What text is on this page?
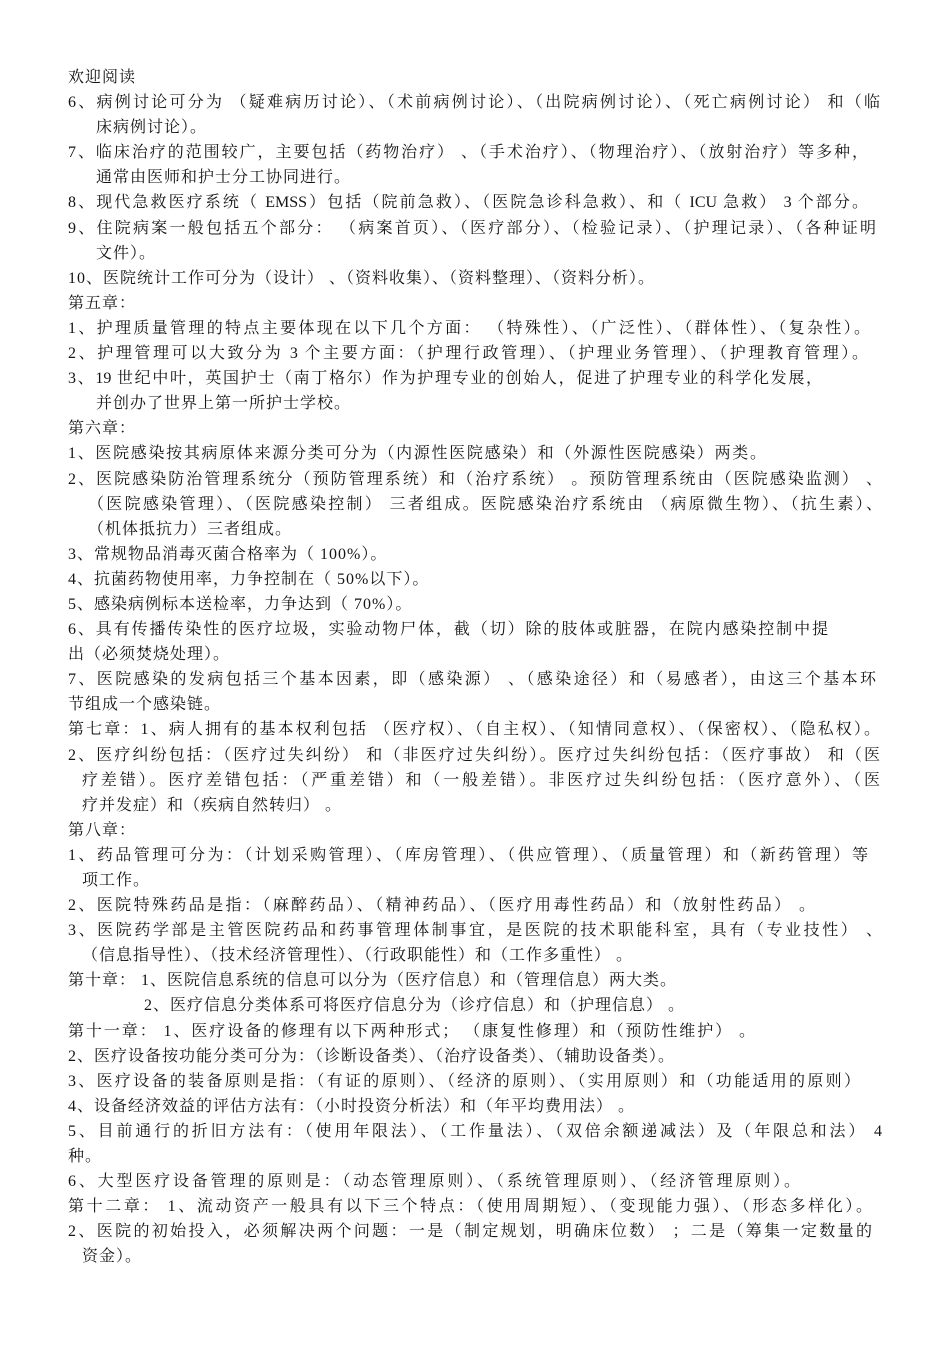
欢迎阅读
6、病例讨论可分为 （疑难病历讨论）、（术前病例讨论）、（出院病例讨论）、（死亡病例讨论） 和（临
床病例讨论）。
7、临床治疗的范围较广，主要包括（药物治疗） 、（手术治疗）、（物理治疗）、（放射治疗）等多种，
通常由医师和护士分工协同进行。
8、现代急救医疗系统（ EMSS）包括（院前急救）、（医院急诊科急救）、和（ ICU 急救） 3 个部分。
9、住院病案一般包括五个部分： （病案首页）、（医疗部分）、（检验记录）、（护理记录）、（各种证明
文件）。
10、医院统计工作可分为（设计） 、（资料收集）、（资料整理）、（资料分析）。
第五章：
1、护理质量管理的特点主要体现在以下几个方面： （特殊性）、（广泛性）、（群体性）、（复杂性）。
2、护理管理可以大致分为 3 个主要方面：（护理行政管理）、（护理业务管理）、（护理教育管理）。
3、19 世纪中叶，英国护士（南丁格尔）作为护理专业的创始人，促进了护理专业的科学化发展，
并创办了世界上第一所护士学校。
第六章：
1、医院感染按其病原体来源分类可分为（内源性医院感染）和（外源性医院感染）两类。
2、医院感染防治管理系统分（预防管理系统）和（治疗系统） 。预防管理系统由（医院感染监测） 、
（医院感染管理）、（医院感染控制） 三者组成。医院感染治疗系统由 （病原微生物）、（抗生素）、
（机体抵抗力）三者组成。
3、常规物品消毒灭菌合格率为（ 100%）。
4、抗菌药物使用率，力争控制在（ 50%以下）。
5、感染病例标本送检率，力争达到（ 70%）。
6、具有传播传染性的医疗垃圾，实验动物尸体，截（切）除的肢体或脏器，在院内感染控制中提
出（必须焚烧处理）。
7、医院感染的发病包括三个基本因素，即（感染源） 、（感染途径）和（易感者），由这三个基本环
节组成一个感染链。
第七章：1、病人拥有的基本权利包括 （医疗权）、（自主权）、（知情同意权）、（保密权）、（隐私权）。
2、医疗纠纷包括：（医疗过失纠纷） 和（非医疗过失纠纷）。医疗过失纠纷包括：（医疗事故） 和（医
疗差错）。医疗差错包括：（严重差错）和（一般差错）。非医疗过失纠纷包括：（医疗意外）、（医
疗并发症）和（疾病自然转归） 。
第八章：
1、药品管理可分为：（计划采购管理）、（库房管理）、（供应管理）、（质量管理）和（新药管理）等
项工作。
2、医院特殊药品是指：（麻醉药品）、（精神药品）、（医疗用毒性药品）和（放射性药品） 。
3、医院药学部是主管医院药品和药事管理体制事宜，是医院的技术职能科室，具有（专业技性） 、
（信息指导性）、（技术经济管理性）、（行政职能性）和（工作多重性） 。
第十章： 1、医院信息系统的信息可以分为（医疗信息）和（管理信息）两大类。
2、医疗信息分类体系可将医疗信息分为（诊疗信息）和（护理信息） 。
第十一章： 1、医疗设备的修理有以下两种形式； （康复性修理）和（预防性维护） 。
2、医疗设备按功能分类可分为：（诊断设备类）、（治疗设备类）、（辅助设备类）。
3、医疗设备的装备原则是指：（有证的原则）、（经济的原则）、（实用原则）和（功能适用的原则）
4、设备经济效益的评估方法有：（小时投资分析法）和（年平均费用法） 。
5、目前通行的折旧方法有：（使用年限法）、（工作量法）、（双倍余额递减法）及（年限总和法） 4
种。
6、大型医疗设备管理的原则是：（动态管理原则）、（系统管理原则）、（经济管理原则）。
第十二章： 1、流动资产一般具有以下三个特点：（使用周期短）、（变现能力强）、（形态多样化）。
2、医院的初始投入，必须解决两个问题：一是（制定规划，明确床位数） ；二是（筹集一定数量的
资金）。
